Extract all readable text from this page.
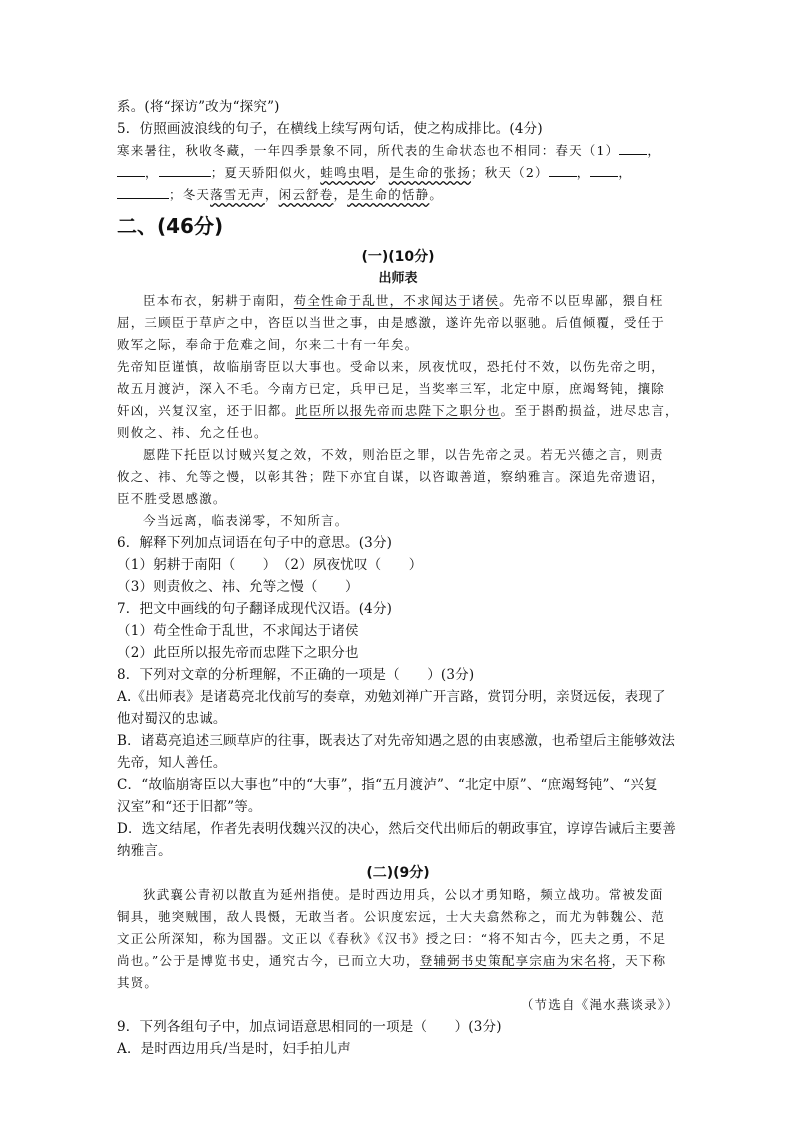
系。(将“探访”改为“探究”)
5．仿照画波浪线的句子，在横线上续写两句话，使之构成排比。(4分)
寒来暑往，秋收冬藏，一年四季景象不同，所代表的生命状态也不相同：春天（1） ，
，	；夏天骄阳似火，蛙鸣虫唱，是生命的张扬；秋天（2） ， ，
；冬天落雪无声，闲云舒卷，是生命的恬静。
二、(46分)
(一)(10分)
出师表
臣本布衣，躬耕于南阳，苟全性命于乱世，不求闻达于诸侯。先帝不以臣卑鄙，猥自枉
屈，三顾臣于草庐之中，咨臣以当世之事，由是感激，遂许先帝以驱驰。后值倾覆，受任于
败军之际，奉命于危难之间，尔来二十有一年矣。
先帝知臣谨慎，故临崩寄臣以大事也。受命以来，夙夜忧叹，恐托付不效，以伤先帝之明，
故五月渡泸，深入不毛。今南方已定，兵甲已足，当奖率三军，北定中原，庶竭驽钝，攘除
奸凶，兴复汉室，还于旧都。此臣所以报先帝而忠陛下之职分也。至于斟酌损益，进尽忠言，
则攸之、祎、允之任也。
愿陛下托臣以讨贼兴复之效，不效，则治臣之罪，以告先帝之灵。若无兴德之言，则责
攸之、祎、允等之慢，以彰其咎；陛下亦宜自谋，以咨诹善道，察纳雅言。深追先帝遗诏，
臣不胜受恩感激。
今当远离，临表涕零，不知所言。
6．解释下列加点词语在句子中的意思。(3分)
（1）躬耕于南阳（　　）　（2）夙夜忧叹（　　）
（3）则责攸之、祎、允等之慢（　　）
7．把文中画线的句子翻译成现代汉语。(4分)
（1）苟全性命于乱世，不求闻达于诸侯
（2）此臣所以报先帝而忠陛下之职分也
8．下列对文章的分析理解，不正确的一项是（　　）(3分)
A.《出师表》是诸葛亮北伐前写的奏章，劝勉刘禅广开言路，赏罚分明，亲贤远佞，表现了
他对蜀汉的忠诚。
B．诸葛亮追述三顾草庐的往事，既表达了对先帝知遇之恩的由衷感激，也希望后主能够效法
先帝，知人善任。
C．“故临崩寄臣以大事也”中的“大事”，指“五月渡泸”、“北定中原”、“庶竭驽钝”、“兴复
汉室”和“还于旧都”等。
D．选文结尾，作者先表明伐魏兴汉的决心，然后交代出师后的朝政事宜，谆谆告诫后主要善
纳雅言。
(二)(9分)
狄武襄公青初以散直为延州指使。是时西边用兵，公以才勇知略，频立战功。常被发面
铜具，驰突贼围，敌人畏慑，无敢当者。公识度宏远，士大夫翕然称之，而尤为韩魏公、范
文正公所深知，称为国器。文正以《春秋》《汉书》授之曰：“将不知古今，匹夫之勇，不足
尚也。”公于是博览书史，通究古今，已而立大功，登辅弼书史策配享宗庙为宋名将，天下称
其贤。
（节选自《渑水燕谈录》）
9．下列各组句子中，加点词语意思相同的一项是（　　）(3分)
A．是时西边用兵/当是时，妇手拍儿声
